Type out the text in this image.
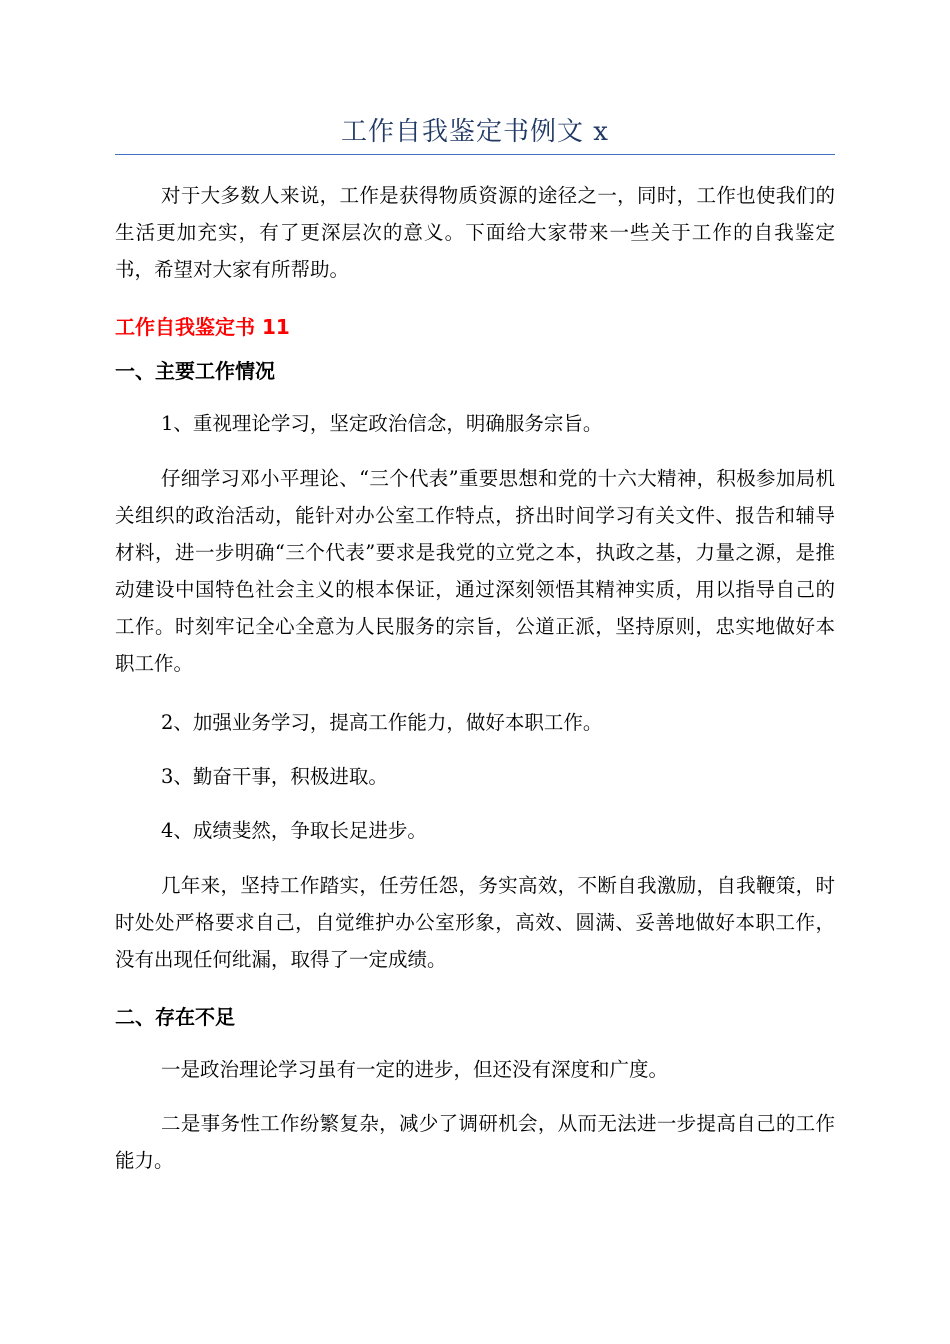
工作自我鉴定书例文 x

对于大多数人来说，工作是获得物质资源的途径之一，同时，工作也使我们的生活更加充实，有了更深层次的意义。下面给大家带来一些关于工作的自我鉴定书，希望对大家有所帮助。

工作自我鉴定书 11

一、主要工作情况

1、重视理论学习，坚定政治信念，明确服务宗旨。

仔细学习邓小平理论、“三个代表”重要思想和党的十六大精神，积极参加局机关组织的政治活动，能针对办公室工作特点，挤出时间学习有关文件、报告和辅导材料，进一步明确“三个代表”要求是我党的立党之本，执政之基，力量之源，是推动建设中国特色社会主义的根本保证，通过深刻领悟其精神实质，用以指导自己的工作。时刻牢记全心全意为人民服务的宗旨，公道正派，坚持原则，忠实地做好本职工作。

2、加强业务学习，提高工作能力，做好本职工作。

3、勤奋干事，积极进取。

4、成绩斐然，争取长足进步。

几年来，坚持工作踏实，任劳任怨，务实高效，不断自我激励，自我鞭策，时时处处严格要求自己，自觉维护办公室形象，高效、圆满、妥善地做好本职工作，没有出现任何纰漏，取得了一定成绩。

二、存在不足

一是政治理论学习虽有一定的进步，但还没有深度和广度。

二是事务性工作纷繁复杂，减少了调研机会，从而无法进一步提高自己的工作能力。
